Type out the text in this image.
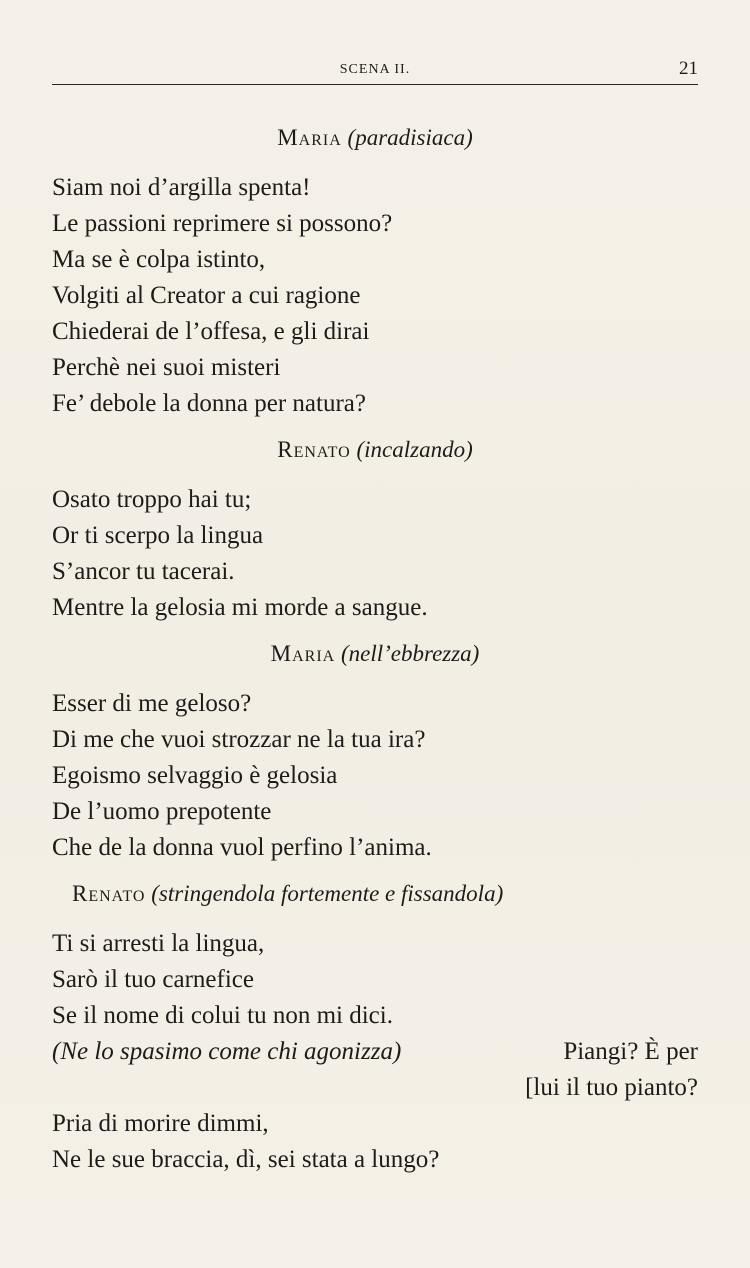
SCENA II.	21
Maria (paradisiaca)
Siam noi d’argilla spenta!
Le passioni reprimere si possono?
Ma se è colpa istinto,
Volgiti al Creator a cui ragione
Chiederai de l’offesa, e gli dirai
Perchè nei suoi misteri
Fe’ debole la donna per natura?
Renato (incalzando)
Osato troppo hai tu;
Or ti scerpo la lingua
S’ancor tu tacerai.
Mentre la gelosia mi morde a sangue.
Maria (nell’ebbrezza)
Esser di me geloso?
Di me che vuoi strozzar ne la tua ira?
Egoismo selvaggio è gelosia
De l’uomo prepotente
Che de la donna vuol perfino l’anima.
Renato (stringendola fortemente e fissandola)
Ti si arresti la lingua,
Sarò il tuo carnefice
Se il nome di colui tu non mi dici.
(Ne lo spasimo come chi agonizza)	Piangi? È per
[lui il tuo pianto?
Pria di morire dimmi,
Ne le sue braccia, dì, sei stata a lungo?
